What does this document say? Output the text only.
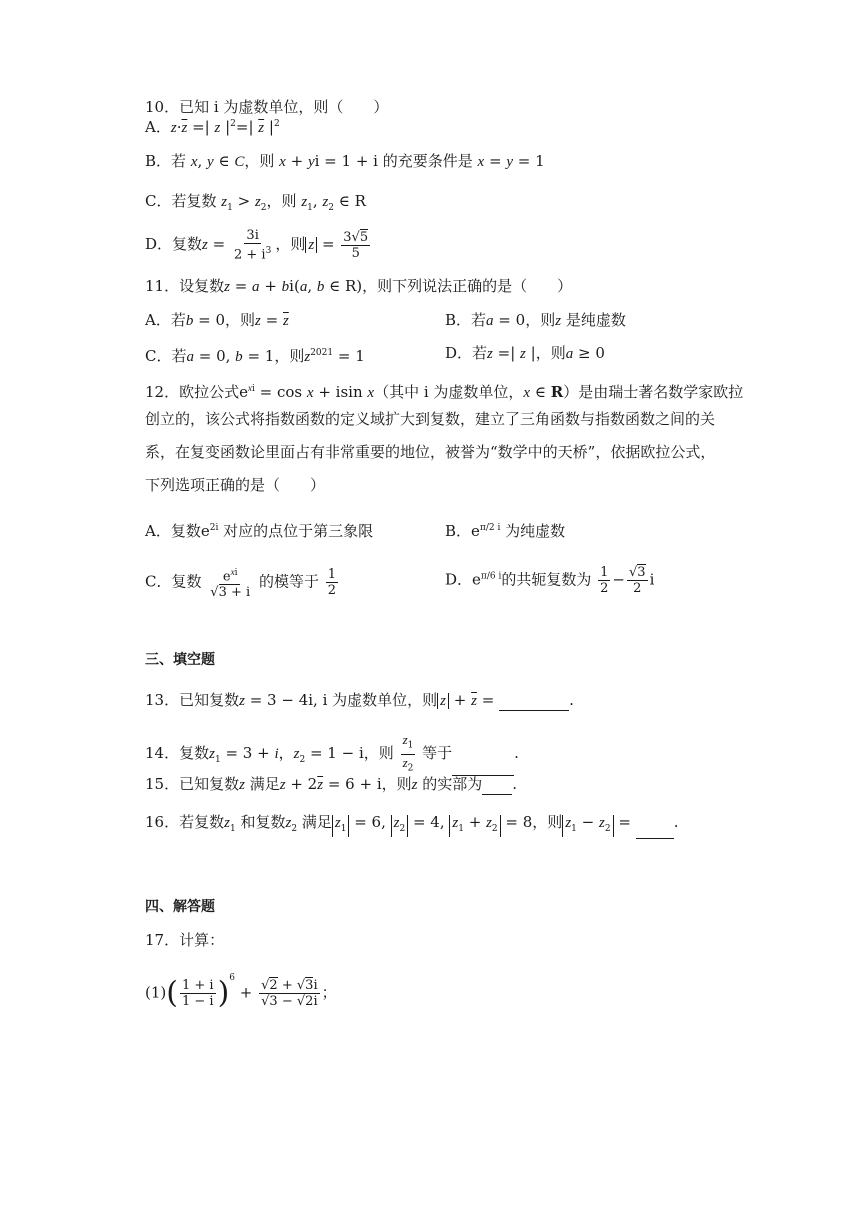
10．已知 i 为虚数单位，则（　　）
A．$z\cdot\overline{z}$ =| z $|^2=|$ $\overline{z}$ $|^2$
B．若 x, y ∈ C，则 x + yi = 1 + i 的充要条件是 x = y = 1
C．若复数 $z_1 > z_2$，则 $z_1$, $z_2$ ∈ R
D．复数$z = \frac{3i}{2 + i^3}$ ，则 $z = \frac{3√5}{5}$
11．设复数z = a + bi(a, b ∈ R)，则下列说法正确的是（　　）
A．若b = 0，则$z = \overline{z}$	B．若a = 0，则z 是纯虚数
C．若a = 0, b = 1，则$z^{2021} = 1$	D．若z =| z |，则a ≥ 0
12．欧拉公式$e^{xi} = \cos x + isin$ x（其中 i 为虚数单位，x ∈ R）是由瑞士著名数学家欧拉
创立的，该公式将指数函数的定义域扩大到复数，建立了三角函数与指数函数之间的关
系，在复变函数论里面占有非常重要的地位，被誉为“数学中的天桥”，依据欧拉公式，
下列选项正确的是（　　）
A．复数$e^{2i}$ 对应的点位于第三象限	B．$e^{\pi/2 i}$ 为纯虚数
C．复数 $\frac{e^{xi}}{√3 + i}$ 的模等于 $\frac{1}{2}$	D．$e^{\pi/6 i}$的共轭复数为 $\frac{1}{2} - \frac{√3}{2}$ i
三、填空题
13．已知复数z = 3 − 4i, i 为虚数单位，则 $z + \overline{z}$ =	.
14．复数$z_1 = 3 + i$，$z_2 = 1 - i$，则 $\frac{z_1}{z_2}$ 等于	.
15．已知复数z 满足$z + 2\overline{z} = 6 + i$，则z 的实部为 .
16．若复数$z_1$ 和复数$z_2$ 满足 $z_1 = 6$, $z_2 = 4$, $z_1 + z_2 = 8$，则 $z_1 - z_2$ =	.
四、解答题
17．计算：
$(1)( \frac{1 + i}{1 - i} )^6 + \frac{√2 + √3i}{√3 - √2i}$ ；
